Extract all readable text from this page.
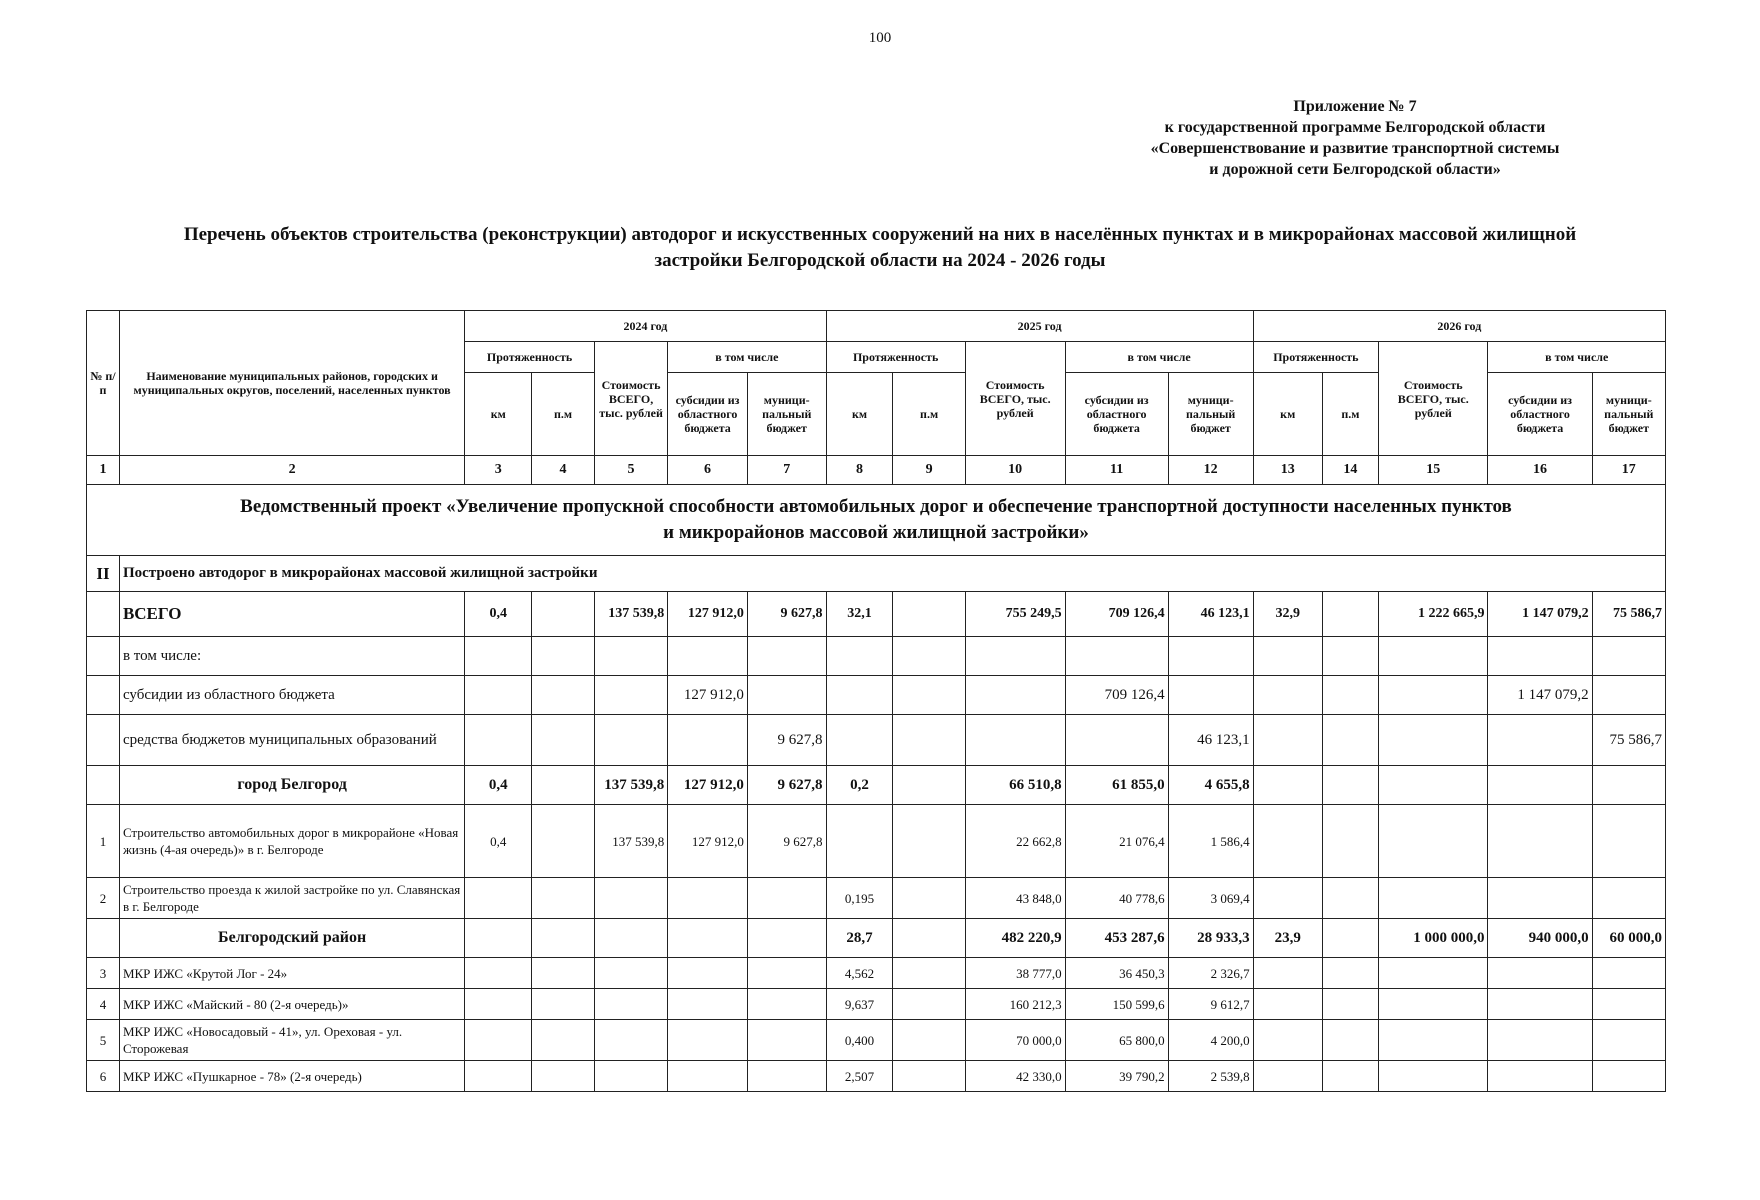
100
Приложение № 7
к государственной программе Белгородской области
«Совершенствование и развитие транспортной системы
и дорожной сети Белгородской области»
Перечень объектов строительства (реконструкции) автодорог и искусственных сооружений на них в населённых пунктах и в микрорайонах массовой жилищной
застройки Белгородской области на 2024 - 2026 годы
№ п/п	Наименование муниципальных районов, городских и муниципальных округов, поселений, населенных пунктов	2024 год					2025 год					2026 год				
		Протяженность		Стоимость ВСЕГО, тыс. рублей	в том числе		Протяженность		Стоимость ВСЕГО, тыс. рублей	в том числе		Протяженность		Стоимость ВСЕГО, тыс. рублей	в том числе	
		км	п.м		субсидии из областного бюджета	муници-пальный бюджет	км	п.м		субсидии из областного бюджета	муници-пальный бюджет	км	п.м		субсидии из областного бюджета	муници-пальный бюджет
1	2	3	4	5	6	7	8	9	10	11	12	13	14	15	16	17

Ведомственный проект «Увеличение пропускной способности автомобильных дорог и обеспечение транспортной доступности населенных пунктов
и микрорайонов массовой жилищной застройки»																

II	Построено автодорог в микрорайонах массовой жилищной застройки															
	ВСЕГО	0,4		137 539,8	127 912,0	9 627,8	32,1		755 249,5	709 126,4	46 123,1	32,9		1 222 665,9	1 147 079,2	75 586,7
	в том числе:															
	субсидии из областного бюджета				127 912,0					709 126,4					1 147 079,2	
	средства бюджетов муниципальных образований					9 627,8					46 123,1					75 586,7
	город Белгород	0,4		137 539,8	127 912,0	9 627,8	0,2		66 510,8	61 855,0	4 655,8					
1	Строительство автомобильных дорог в микрорайоне «Новая жизнь (4-ая очередь)» в г. Белгороде	0,4		137 539,8	127 912,0	9 627,8			22 662,8	21 076,4	1 586,4					
2	Строительство проезда к жилой застройке по ул. Славянская в г. Белгороде						0,195		43 848,0	40 778,6	3 069,4					
	Белгородский район						28,7		482 220,9	453 287,6	28 933,3	23,9		1 000 000,0	940 000,0	60 000,0
3	МКР ИЖС «Крутой Лог - 24»						4,562		38 777,0	36 450,3	2 326,7					
4	МКР ИЖС «Майский - 80 (2-я очередь)»						9,637		160 212,3	150 599,6	9 612,7					
5	МКР ИЖС «Новосадовый - 41», ул. Ореховая - ул. Сторожевая						0,400		70 000,0	65 800,0	4 200,0					
6	МКР ИЖС «Пушкарное - 78» (2-я очередь)						2,507		42 330,0	39 790,2	2 539,8					
